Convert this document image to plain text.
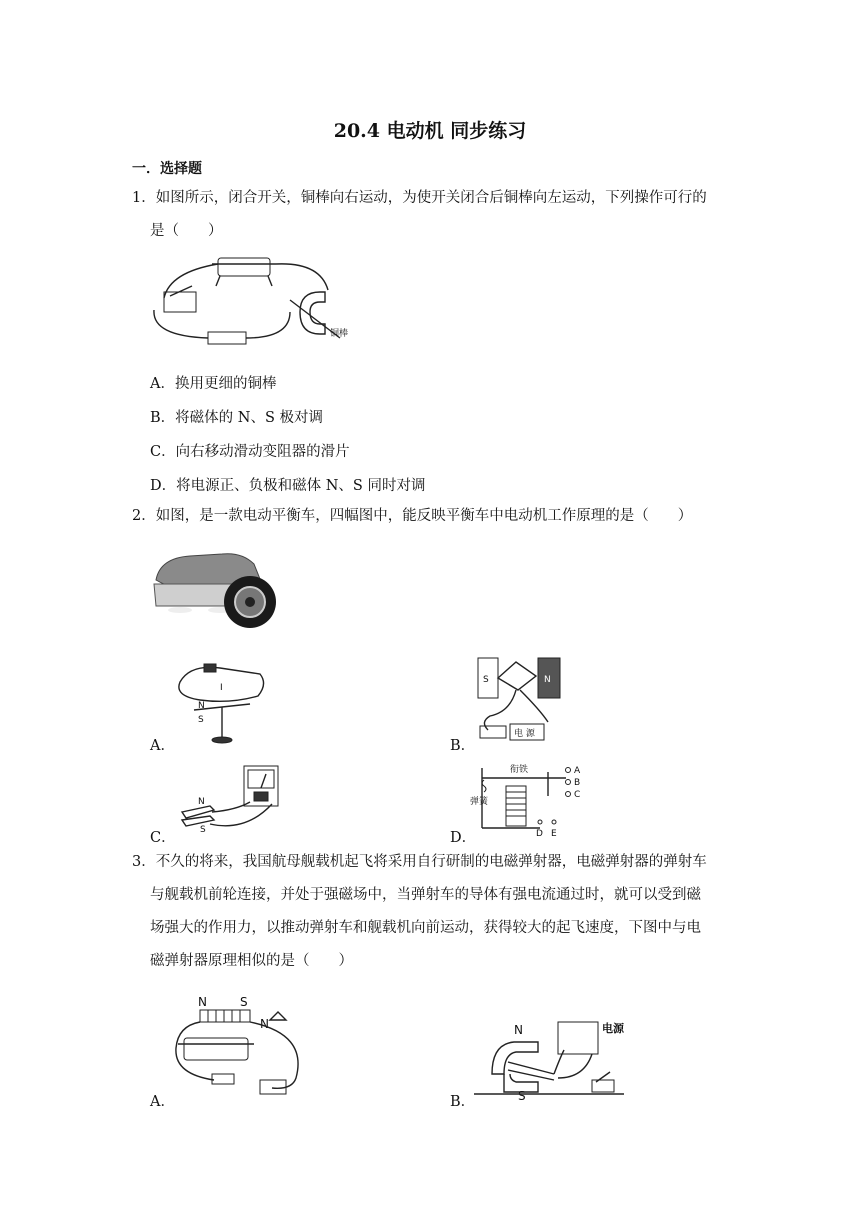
20.4 电动机 同步练习
一．选择题
1．如图所示，闭合开关，铜棒向右运动，为使开关闭合后铜棒向左运动，下列操作可行的
是（　　）
铜棒
A．换用更细的铜棒
B．将磁体的 N、S 极对调
C．向右移动滑动变阻器的滑片
D．将电源正、负极和磁体 N、S 同时对调
2．如图，是一款电动平衡车，四幅图中，能反映平衡车中电动机工作原理的是（　　）
I
S
N
A．
S	N
电 源
B．
N
S
C．
衔铁
弹簧
A
B
C
D E
D．
3．不久的将来，我国航母舰载机起飞将采用自行研制的电磁弹射器，电磁弹射器的弹射车
与舰载机前轮连接，并处于强磁场中，当弹射车的导体有强电流通过时，就可以受到磁
场强大的作用力，以推动弹射车和舰载机向前运动，获得较大的起飞速度，下图中与电
磁弹射器原理相似的是（　　）
N	S
N
A．
N
S
电源
B．
